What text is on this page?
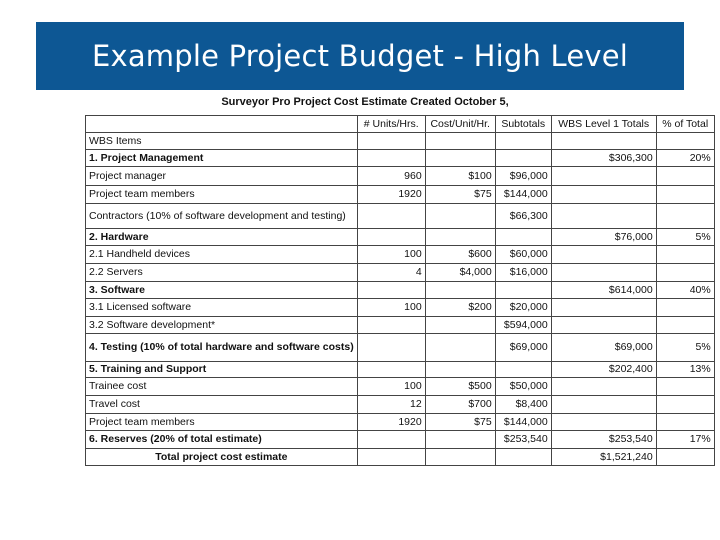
Example Project Budget - High Level
Surveyor Pro Project Cost Estimate Created October 5,
	# Units/Hrs.	Cost/Unit/Hr.	Subtotals	WBS Level 1 Totals	% of Total
WBS Items					
1. Project Management				$306,300	20%
Project manager	960	$100	$96,000		
Project team members	1920	$75	$144,000		
Contractors (10% of software development and testing)			$66,300		
2. Hardware				$76,000	5%
2.1 Handheld devices	100	$600	$60,000		
2.2 Servers	4	$4,000	$16,000		
3. Software				$614,000	40%
3.1 Licensed software	100	$200	$20,000		
3.2 Software development*			$594,000		
4. Testing (10% of total hardware and software costs)			$69,000	$69,000	5%
5. Training and Support				$202,400	13%
Trainee cost	100	$500	$50,000		
Travel cost	12	$700	$8,400		
Project team members	1920	$75	$144,000		
6. Reserves (20% of total estimate)			$253,540	$253,540	17%
Total project cost estimate				$1,521,240	
